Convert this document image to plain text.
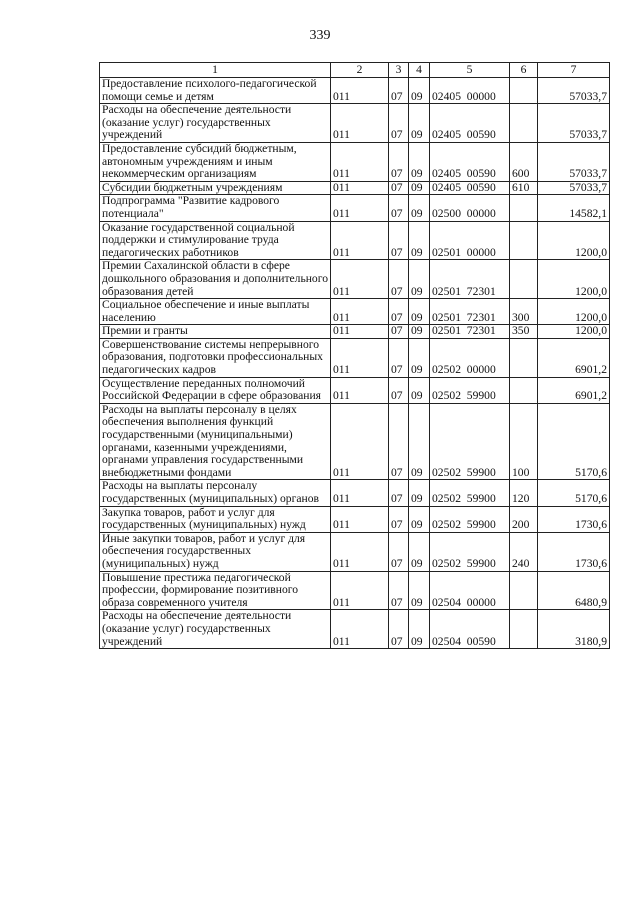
339
1	2	3	4	5	6	7
Предоставление психолого-педагогической помощи семье и детям	011	07	09	02405  00000		57033,7
Расходы на обеспечение деятельности (оказание услуг) государственных учреждений	011	07	09	02405  00590		57033,7
Предоставление субсидий бюджетным, автономным учреждениям и иным некоммерческим организациям	011	07	09	02405  00590	600	57033,7
Субсидии бюджетным учреждениям	011	07	09	02405  00590	610	57033,7
Подпрограмма "Развитие кадрового потенциала"	011	07	09	02500  00000		14582,1
Оказание государственной социальной поддержки и стимулирование труда педагогических работников	011	07	09	02501  00000		1200,0
Премии Сахалинской области в сфере дошкольного образования и дополнительного образования детей	011	07	09	02501  72301		1200,0
Социальное обеспечение и иные выплаты населению	011	07	09	02501  72301	300	1200,0
Премии и гранты	011	07	09	02501  72301	350	1200,0
Совершенствование системы непрерывного образования, подготовки профессиональных педагогических кадров	011	07	09	02502  00000		6901,2
Осуществление переданных полномочий Российской Федерации в сфере образования	011	07	09	02502  59900		6901,2
Расходы на выплаты персоналу в целях обеспечения выполнения функций государственными (муниципальными) органами, казенными учреждениями, органами управления государственными внебюджетными фондами	011	07	09	02502  59900	100	5170,6
Расходы на выплаты персоналу государственных (муниципальных) органов	011	07	09	02502  59900	120	5170,6
Закупка товаров, работ и услуг для государственных (муниципальных) нужд	011	07	09	02502  59900	200	1730,6
Иные закупки товаров, работ и услуг для обеспечения государственных (муниципальных) нужд	011	07	09	02502  59900	240	1730,6
Повышение престижа педагогической профессии, формирование позитивного образа современного учителя	011	07	09	02504  00000		6480,9
Расходы на обеспечение деятельности (оказание услуг) государственных учреждений	011	07	09	02504  00590		3180,9
